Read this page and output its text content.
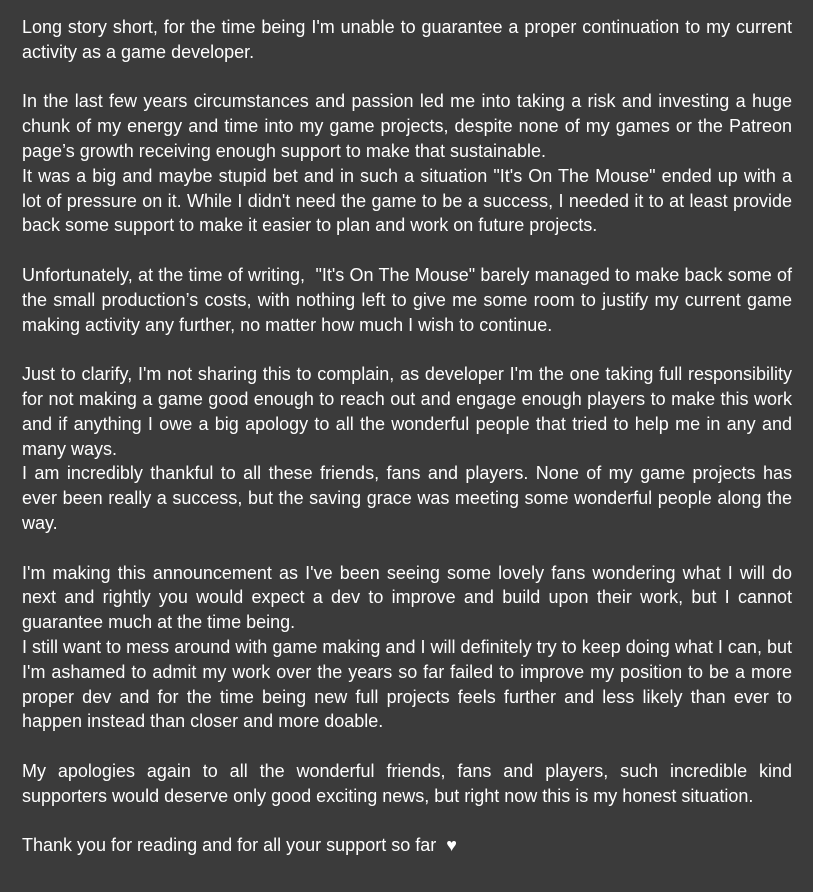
Long story short, for the time being I'm unable to guarantee a proper continuation to my current activity as a game developer.

In the last few years circumstances and passion led me into taking a risk and investing a huge chunk of my energy and time into my game projects, despite none of my games or the Patreon page’s growth receiving enough support to make that sustainable.

It was a big and maybe stupid bet and in such a situation "It's On The Mouse" ended up with a lot of pressure on it. While I didn't need the game to be a success, I needed it to at least provide back some support to make it easier to plan and work on future projects.

Unfortunately, at the time of writing,  "It's On The Mouse" barely managed to make back some of the small production’s costs, with nothing left to give me some room to justify my current game making activity any further, no matter how much I wish to continue.

Just to clarify, I'm not sharing this to complain, as developer I'm the one taking full responsibility for not making a game good enough to reach out and engage enough players to make this work and if anything I owe a big apology to all the wonderful people that tried to help me in any and many ways.

I am incredibly thankful to all these friends, fans and players. None of my game projects has ever been really a success, but the saving grace was meeting some wonderful people along the way.

I'm making this announcement as I've been seeing some lovely fans wondering what I will do next and rightly you would expect a dev to improve and build upon their work, but I cannot guarantee much at the time being.

I still want to mess around with game making and I will definitely try to keep doing what I can, but I'm ashamed to admit my work over the years so far failed to improve my position to be a more proper dev and for the time being new full projects feels further and less likely than ever to happen instead than closer and more doable.

My apologies again to all the wonderful friends, fans and players, such incredible kind supporters would deserve only good exciting news, but right now this is my honest situation.

Thank you for reading and for all your support so far  ♥
